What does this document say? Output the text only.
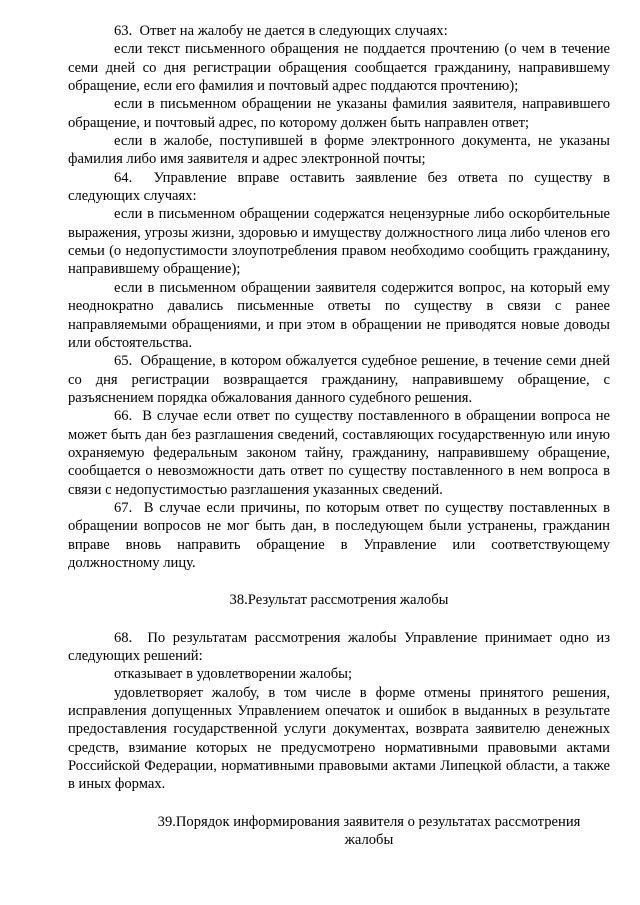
63.  Ответ на жалобу не дается в следующих случаях:

если текст письменного обращения не поддается прочтению (о чем в течение семи дней со дня регистрации обращения сообщается гражданину, направившему обращение, если его фамилия и почтовый адрес поддаются прочтению);

если в письменном обращении не указаны фамилия заявителя, направившего обращение, и почтовый адрес, по которому должен быть направлен ответ;

если в жалобе, поступившей в форме электронного документа, не указаны фамилия либо имя заявителя и адрес электронной почты;

64.  Управление вправе оставить заявление без ответа по существу в следующих случаях:

если в письменном обращении содержатся нецензурные либо оскорбительные выражения, угрозы жизни, здоровью и имуществу должностного лица либо членов его семьи (о недопустимости злоупотребления правом необходимо сообщить гражданину, направившему обращение);

если в письменном обращении заявителя содержится вопрос, на который ему неоднократно давались письменные ответы по существу в связи с ранее направляемыми обращениями, и при этом в обращении не приводятся новые доводы или обстоятельства.

65.  Обращение, в котором обжалуется судебное решение, в течение семи дней со дня регистрации возвращается гражданину, направившему обращение, с разъяснением порядка обжалования данного судебного решения.

66.  В случае если ответ по существу поставленного в обращении вопроса не может быть дан без разглашения сведений, составляющих государственную или иную охраняемую федеральным законом тайну, гражданину, направившему обращение, сообщается о невозможности дать ответ по существу поставленного в нем вопроса в связи с недопустимостью разглашения указанных сведений.

67.  В случае если причины, по которым ответ по существу поставленных в обращении вопросов не мог быть дан, в последующем были устранены, гражданин вправе вновь направить обращение в Управление или соответствующему должностному лицу.

38.Результат рассмотрения жалобы

68.  По результатам рассмотрения жалобы Управление принимает одно из следующих решений:

отказывает в удовлетворении жалобы;

удовлетворяет жалобу, в том числе в форме отмены принятого решения, исправления допущенных Управлением опечаток и ошибок в выданных в результате предоставления государственной услуги документах, возврата заявителю денежных средств, взимание которых не предусмотрено нормативными правовыми актами Российской Федерации, нормативными правовыми актами Липецкой области, а также в иных формах.

39.Порядок информирования заявителя о результатах рассмотрения жалобы
